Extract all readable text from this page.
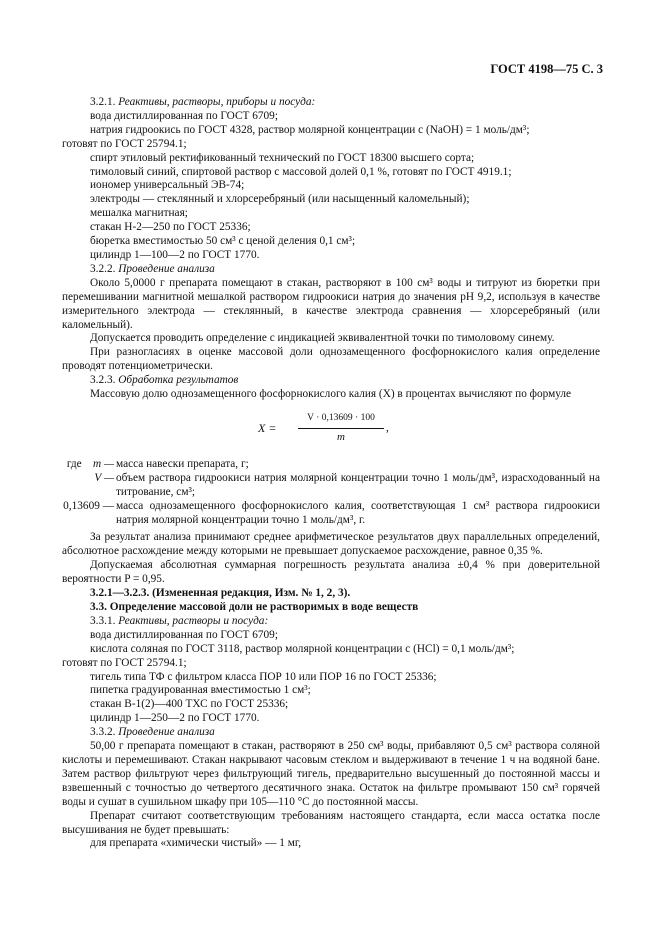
ГОСТ 4198—75 С. 3

3.2.1. Реактивы, растворы, приборы и посуда:

вода дистиллированная по ГОСТ 6709;

натрия гидроокись по ГОСТ 4328, раствор молярной концентрации с (NaOH) = 1 моль/дм³;

готовят по ГОСТ 25794.1;

спирт этиловый ректификованный технический по ГОСТ 18300 высшего сорта;

тимоловый синий, спиртовой раствор с массовой долей 0,1 %, готовят по ГОСТ 4919.1;

иономер универсальный ЭВ-74;

электроды — стеклянный и хлорсеребряный (или насыщенный каломельный);

мешалка магнитная;

стакан Н-2—250 по ГОСТ 25336;

бюретка вместимостью 50 см³ с ценой деления 0,1 см³;

цилиндр 1—100—2 по ГОСТ 1770.

3.2.2. Проведение анализа

Около 5,0000 г препарата помещают в стакан, растворяют в 100 см³ воды и титруют из бюретки при перемешивании магнитной мешалкой раствором гидроокиси натрия до значения pH 9,2, используя в качестве измерительного электрода — стеклянный, в качестве электрода сравнения — хлорсеребряный (или каломельный).

Допускается проводить определение с индикацией эквивалентной точки по тимоловому синему.

При разногласиях в оценке массовой доли однозамещенного фосфорнокислого калия определение проводят потенциометрически.

3.2.3. Обработка результатов

Массовую долю однозамещенного фосфорнокислого калия (X) в процентах вычисляют по формуле

X =
V · 0,13609 · 100
m
,
где m — масса навески препарата, г;
V — объем раствора гидроокиси натрия молярной концентрации точно 1 моль/дм³, израсходованный на титрование, см³;
0,13609 — масса однозамещенного фосфорнокислого калия, соответствующая 1 см³ раствора гидроокиси натрия молярной концентрации точно 1 моль/дм³, г.

За результат анализа принимают среднее арифметическое результатов двух параллельных определений, абсолютное расхождение между которыми не превышает допускаемое расхождение, равное 0,35 %.

Допускаемая абсолютная суммарная погрешность результата анализа ±0,4 % при доверительной вероятности P = 0,95.

3.2.1—3.2.3. (Измененная редакция, Изм. № 1, 2, 3).

3.3. Определение массовой доли не растворимых в воде веществ

3.3.1. Реактивы, растворы и посуда:

вода дистиллированная по ГОСТ 6709;

кислота соляная по ГОСТ 3118, раствор молярной концентрации с (HCl) = 0,1 моль/дм³;

готовят по ГОСТ 25794.1;

тигель типа ТФ с фильтром класса ПОР 10 или ПОР 16 по ГОСТ 25336;

пипетка градуированная вместимостью 1 см³;

стакан В-1(2)—400 ТХС по ГОСТ 25336;

цилиндр 1—250—2 по ГОСТ 1770.

3.3.2. Проведение анализа

50,00 г препарата помещают в стакан, растворяют в 250 см³ воды, прибавляют 0,5 см³ раствора соляной кислоты и перемешивают. Стакан накрывают часовым стеклом и выдерживают в течение 1 ч на водяной бане. Затем раствор фильтруют через фильтрующий тигель, предварительно высушенный до постоянной массы и взвешенный с точностью до четвертого десятичного знака. Остаток на фильтре промывают 150 см³ горячей воды и сушат в сушильном шкафу при 105—110 °С до постоянной массы.

Препарат считают соответствующим требованиям настоящего стандарта, если масса остатка после высушивания не будет превышать:

для препарата «химически чистый» — 1 мг,
